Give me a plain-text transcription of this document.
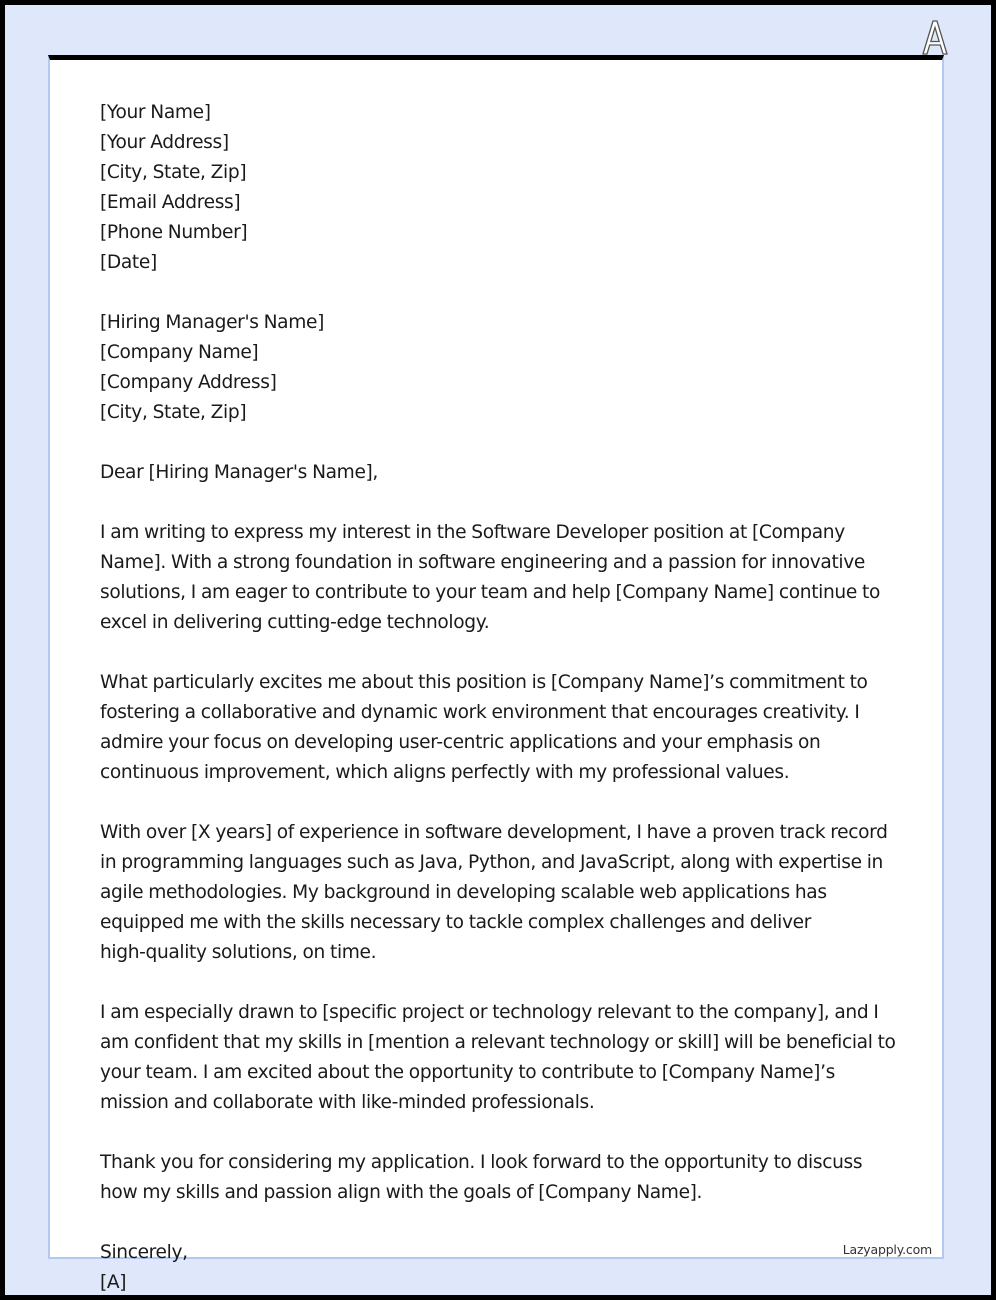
[Your Name]
[Your Address]
[City, State, Zip]
[Email Address]
[Phone Number]
[Date]
[Hiring Manager's Name]
[Company Name]
[Company Address]
[City, State, Zip]
Dear [Hiring Manager's Name],
I am writing to express my interest in the Software Developer position at [Company
Name]. With a strong foundation in software engineering and a passion for innovative
solutions, I am eager to contribute to your team and help [Company Name] continue to
excel in delivering cutting-edge technology.
What particularly excites me about this position is [Company Name]’s commitment to
fostering a collaborative and dynamic work environment that encourages creativity. I
admire your focus on developing user-centric applications and your emphasis on
continuous improvement, which aligns perfectly with my professional values.
With over [X years] of experience in software development, I have a proven track record
in programming languages such as Java, Python, and JavaScript, along with expertise in
agile methodologies. My background in developing scalable web applications has
equipped me with the skills necessary to tackle complex challenges and deliver
high-quality solutions, on time.
I am especially drawn to [specific project or technology relevant to the company], and I
am confident that my skills in [mention a relevant technology or skill] will be beneficial to
your team. I am excited about the opportunity to contribute to [Company Name]’s
mission and collaborate with like-minded professionals.
Thank you for considering my application. I look forward to the opportunity to discuss
how my skills and passion align with the goals of [Company Name].
Sincerely,
[A]
Lazyapply.com
